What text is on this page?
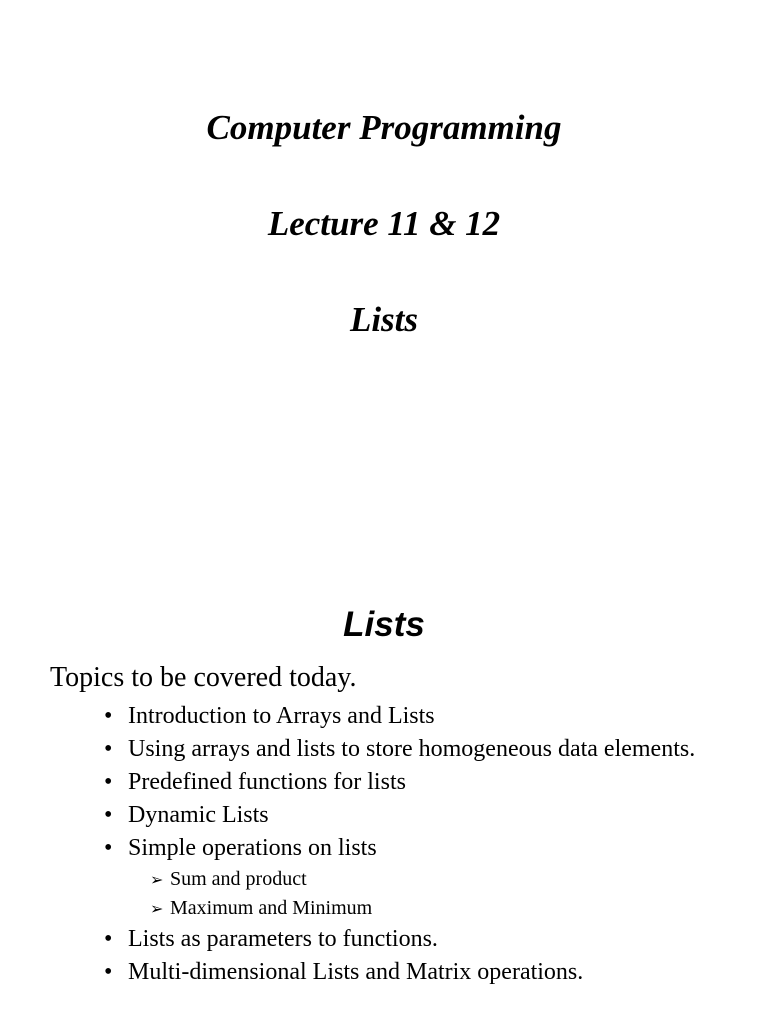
Computer Programming
Lecture 11 & 12
Lists
Lists
Topics to be covered today.
• Introduction to Arrays and Lists
• Using arrays and lists to store homogeneous data elements.
• Predefined functions for lists
• Dynamic Lists
• Simple operations on lists
➢ Sum and product
➢ Maximum and Minimum
• Lists as parameters to functions.
• Multi-dimensional Lists and Matrix operations.
